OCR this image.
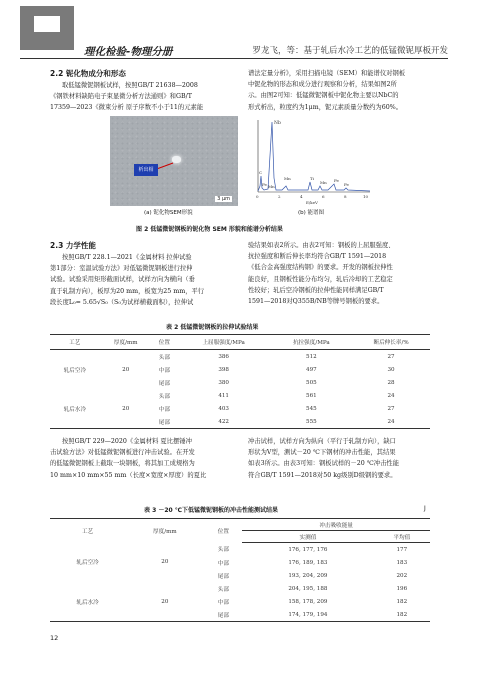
理化检验-物理分册	罗龙飞，等：基于轧后水冷工艺的低锰微铌厚板开发
2.2 铌化物成分和形态
取低锰微铌钢板试样，按照GB/T 21638—2008
《钢铁材料缺陷电子束显微分析方法通则》和GB/T
17359—2023《微束分析 原子序数不小于11的元素能
谱法定量分析》，采用扫描电镜（SEM）和能谱仪对钢板
中铌化物的形态和成分进行观察和分析，结果如图2所
示。由图2可知：低锰微铌钢板中铌化物主要以NbC的
形式析出，粒度约为1μm，铌元素质量分数约为60%。
析出相
3 μm
Nb
C
Mn
Fe
Ti
Mn Fe
Mn	Fe
0	2	4	6	8	10
E/keV
(a) 铌化物SEM形貌	(b) 能谱图
图 2 低锰微铌钢板的铌化物 SEM 形貌和能谱分析结果
2.3 力学性能
按照GB/T 228.1—2021《金属材料 拉伸试验
第1部分：室温试验方法》对低锰微铌钢板进行拉伸
试验。试验采用矩形截面试样，试样方向为横向（垂
直于轧制方向），板厚为20 mm，板宽为25 mm，平行
段长度L₀= 5.65√S₀（S₀为试样横截面积），拉伸试
验结果如表2所示。由表2可知：钢板的上屈服强度、
抗拉强度和断后伸长率均符合GB/T 1591—2018
《低合金高强度结构钢》的要求。开发的钢板拉伸性
能良好，且钢板性能分布均匀，轧后冷却的工艺稳定
性较好；轧后空冷钢板的拉伸性能同样满足GB/T
1591—2018对Q355B/NB等牌号钢板的要求。
表 2 低锰微铌钢板的拉伸试验结果
工艺	厚度/mm	位置	上屈服强度/MPa	抗拉强度/MPa	断后伸长率/%
轧后空冷	20	头部	386	512	27
		中部	398	497	30
		尾部	380	505	28
轧后水冷	20	头部	411	561	24
		中部	403	545	27
		尾部	422	555	24
按照GB/T 229—2020《金属材料 夏比摆锤冲
击试验方法》对低锰微铌钢板进行冲击试验。在开发
的低锰微铌钢板上截取一块钢板，将其加工成规格为
10 mm×10 mm×55 mm（长度×宽度×厚度）的夏比
冲击试样，试样方向为纵向（平行于轧制方向），缺口
形状为V型，测试－20 ℃下钢材的冲击性能，其结果
如表3所示。由表3可知：钢板试样的－20 ℃冲击性能
符合GB/T 1591—2018对50 kg级别D级钢的要求。
表 3 －20 ℃下低锰微铌钢板的冲击性能测试结果	J
工艺	厚度/mm	位置	冲击吸收能量	
			实测值	平均值
轧后空冷	20	头部	176, 177, 176	177
		中部	176, 189, 183	183
		尾部	193, 204, 209	202
轧后水冷	20	头部	204, 195, 188	196
		中部	158, 178, 209	182
		尾部	174, 179, 194	182
12
